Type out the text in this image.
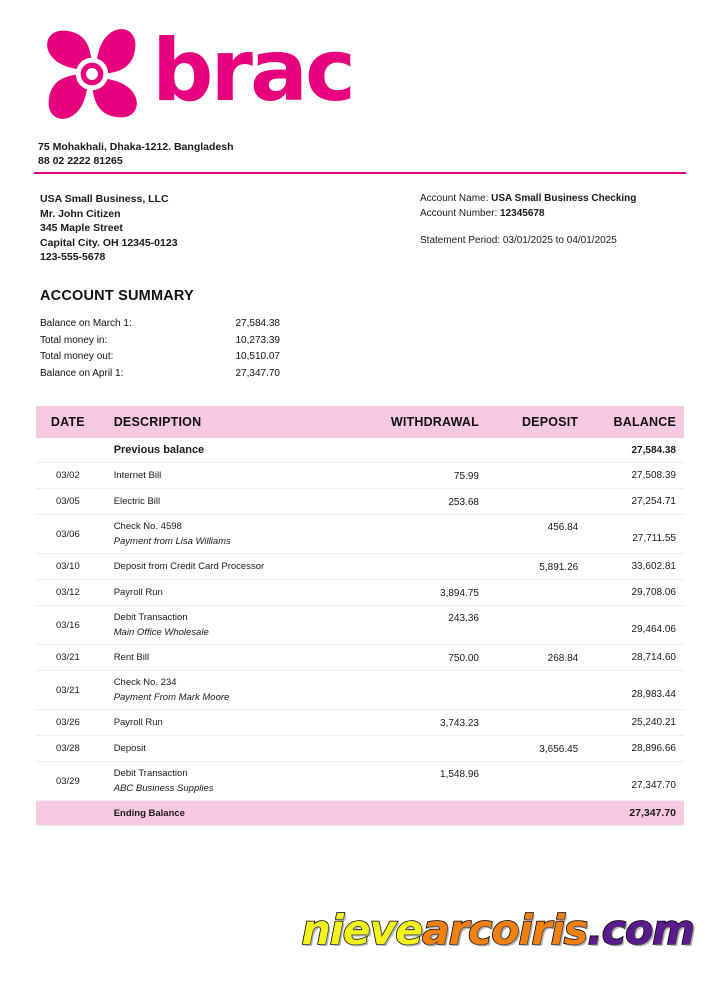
brac
75 Mohakhali, Dhaka-1212. Bangladesh
88 02 2222 81265
USA Small Business, LLC
Mr. John Citizen
345 Maple Street
Capital City. OH 12345-0123
123-555-5678
Account Name: USA Small Business Checking
Account Number: 12345678
Statement Period: 03/01/2025 to 04/01/2025
ACCOUNT SUMMARY
Balance on March 1:	27,584.38
Total money in:	10,273.39
Total money out:	10,510.07
Balance on April 1:	27,347.70
DATE	DESCRIPTION	WITHDRAWAL	DEPOSIT	BALANCE
	Previous balance			27,584.38
03/02	Internet Bill	75.99		27,508.39
03/05	Electric Bill	253.68		27,254.71
03/06	Check No. 4598
Payment from Lisa Williams		456.84	27,711.55
03/10	Deposit from Credit Card Processor		5,891.26	33,602.81
03/12	Payroll Run	3,894.75		29,708.06
03/16	Debit Transaction
Main Office Wholesale	243.36		29,464.06
03/21	Rent Bill	750.00	268.84	28,714.60
03/21	Check No. 234
Payment From Mark Moore			28,983.44
03/26	Payroll Run	3,743.23		25,240.21
03/28	Deposit		3,656.45	28,896.66
03/29	Debit Transaction
ABC Business Supplies	1,548.96		27,347.70
	Ending Balance			27,347.70
nievearcoiris.com
